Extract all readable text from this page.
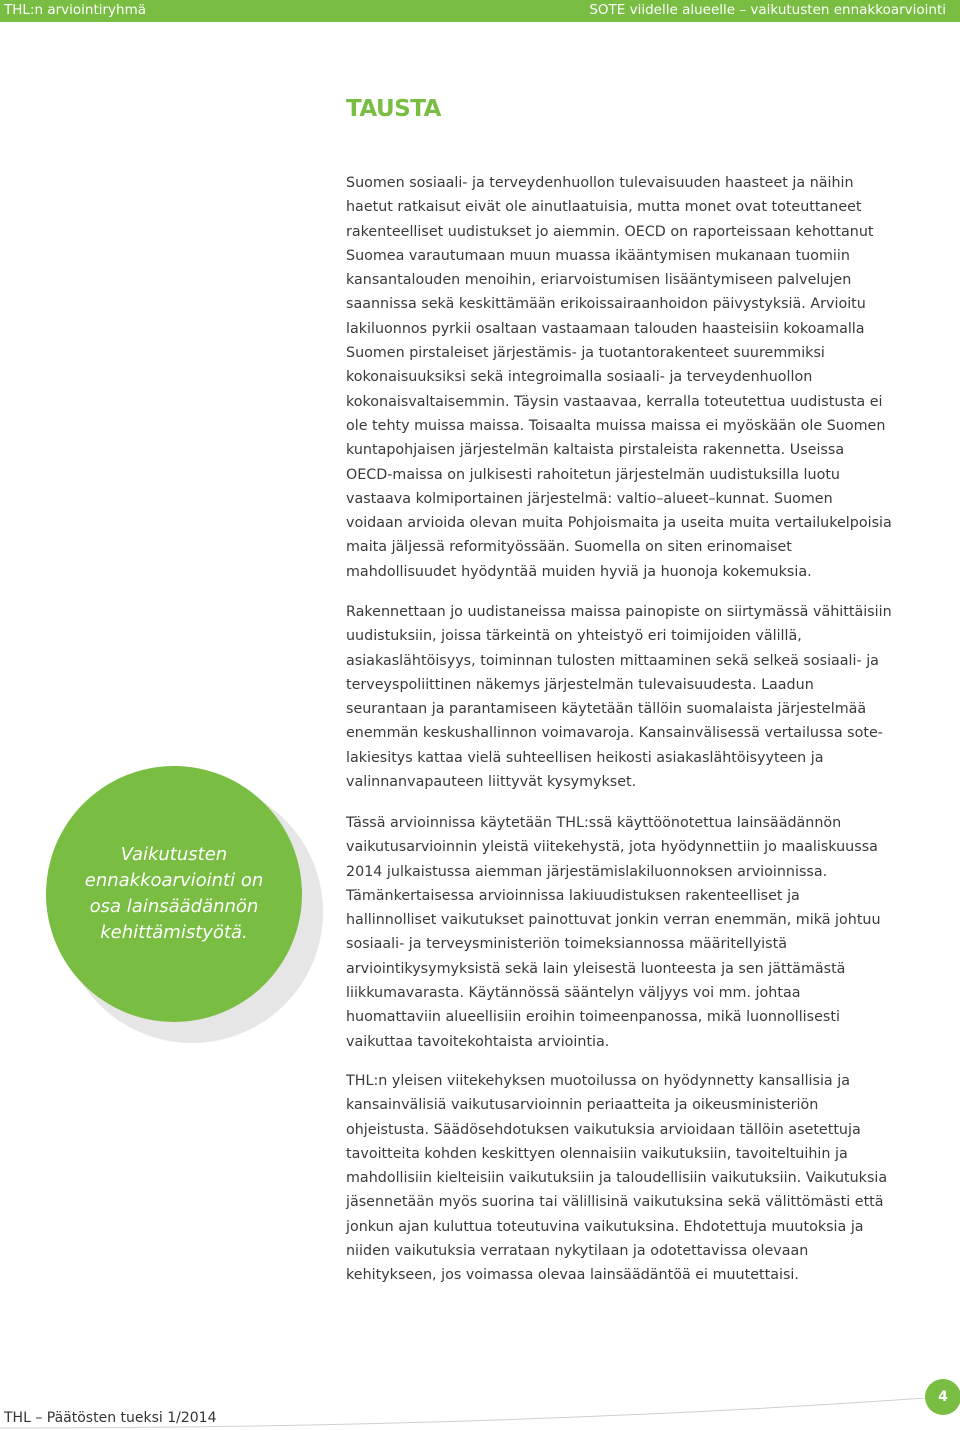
THL:n arviointiryhmä	SOTE viidelle alueelle – vaikutusten ennakkoarviointi
TAUSTA

Suomen sosiaali- ja terveydenhuollon tulevaisuuden haasteet ja näihin haetut ratkaisut eivät ole ainutlaatuisia, mutta monet ovat toteuttaneet rakenteelliset uudistukset jo aiemmin. OECD on raporteissaan kehottanut Suomea varautumaan muun muassa ikääntymisen mukanaan tuomiin kansantalouden menoihin, eriarvoistumisen lisääntymiseen palvelujen saannissa sekä keskittämään erikoissairaanhoidon päivystyksiä. Arvioitu lakiluonnos pyrkii osaltaan vastaamaan talouden haasteisiin kokoamalla Suomen pirstaleiset järjestämis- ja tuotantorakenteet suuremmiksi kokonaisuuksiksi sekä integroimalla sosiaali- ja terveydenhuollon kokonaisvaltaisemmin. Täysin vastaavaa, kerralla toteutettua uudistusta ei ole tehty muissa maissa. Toisaalta muissa maissa ei myöskään ole Suomen kuntapohjaisen järjestelmän kaltaista pirstaleista rakennetta. Useissa OECD-maissa on julkisesti rahoitetun järjestelmän uudistuksilla luotu vastaava kolmiportainen järjestelmä: valtio–alueet–kunnat. Suomen voidaan arvioida olevan muita Pohjoismaita ja useita muita vertailukelpoisia maita jäljessä reformityössään. Suomella on siten erinomaiset mahdollisuudet hyödyntää muiden hyviä ja huonoja kokemuksia.

Rakennettaan jo uudistaneissa maissa painopiste on siirtymässä vähittäisiin uudistuksiin, joissa tärkeintä on yhteistyö eri toimijoiden välillä, asiakaslähtöisyys, toiminnan tulosten mittaaminen sekä selkeä sosiaali- ja terveyspoliittinen näkemys järjestelmän tulevaisuudesta. Laadun seurantaan ja parantamiseen käytetään tällöin suomalaista järjestelmää enemmän keskushallinnon voimavaroja. Kansainvälisessä vertailussa sote-lakiesitys kattaa vielä suhteellisen heikosti asiakaslähtöisyyteen ja valinnanvapauteen liittyvät kysymykset.

Tässä arvioinnissa käytetään THL:ssä käyttöönotettua lainsäädännön vaikutusarvioinnin yleistä viitekehystä, jota hyödynnettiin jo maaliskuussa 2014 julkaistussa aiemman järjestämislakiluonnoksen arvioinnissa. Tämänkertaisessa arvioinnissa lakiuudistuksen rakenteelliset ja hallinnolliset vaikutukset painottuvat jonkin verran enemmän, mikä johtuu sosiaali- ja terveysministeriön toimeksiannossa määritellyistä arviointikysymyksistä sekä lain yleisestä luonteesta ja sen jättämästä liikkumavarasta. Käytännössä sääntelyn väljyys voi mm. johtaa huomattaviin alueellisiin eroihin toimeenpanossa, mikä luonnollisesti vaikuttaa tavoitekohtaista arviointia.

THL:n yleisen viitekehyksen muotoilussa on hyödynnetty kansallisia ja kansainvälisiä vaikutusarvioinnin periaatteita ja oikeusministeriön ohjeistusta. Säädösehdotuksen vaikutuksia arvioidaan tällöin asetettuja tavoitteita kohden keskittyen olennaisiin vaikutuksiin, tavoiteltuihin ja mahdollisiin kielteisiin vaikutuksiin ja taloudellisiin vaikutuksiin. Vaikutuksia jäsennetään myös suorina tai välillisinä vaikutuksina sekä välittömästi että jonkun ajan kuluttua toteutuvina vaikutuksina. Ehdotettuja muutoksia ja niiden vaikutuksia verrataan nykytilaan ja odotettavissa olevaan kehitykseen, jos voimassa olevaa lainsäädäntöä ei muutettaisi.

Vaikutusten ennakkoarviointi on osa lainsäädännön kehittämistyötä.

THL – Päätösten tueksi 1/2014
4
